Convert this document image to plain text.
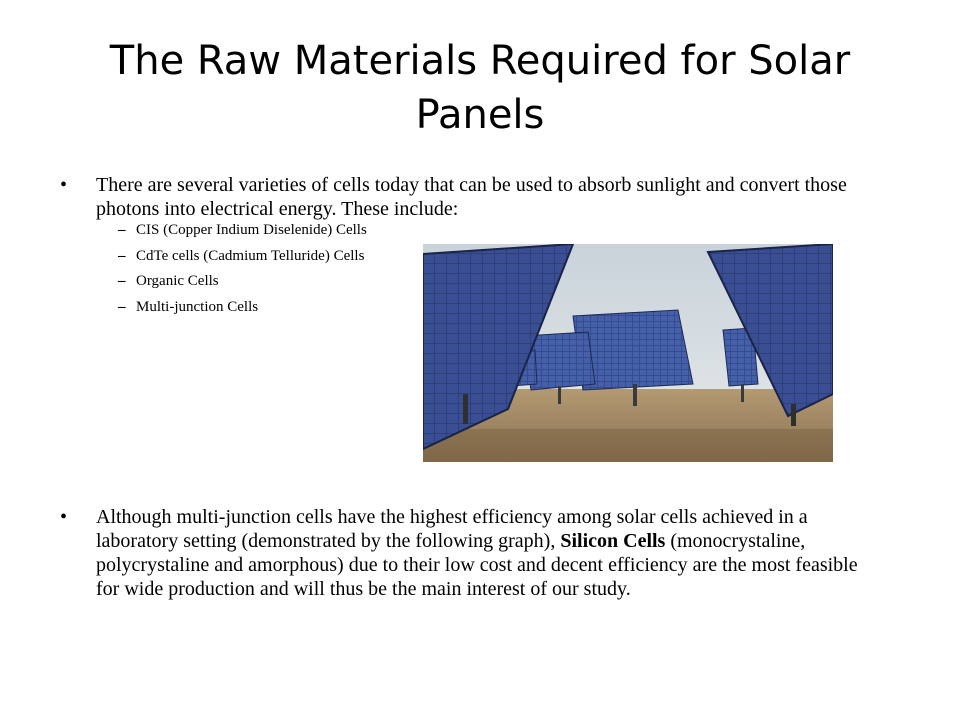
The Raw Materials Required for Solar Panels
• There are several varieties of cells today that can be used to absorb sunlight and convert those photons into electrical energy. These include:
– CIS (Copper Indium Diselenide) Cells
– CdTe cells (Cadmium Telluride) Cells
– Organic Cells
– Multi-junction Cells
• Although multi-junction cells have the highest efficiency among solar cells achieved in a laboratory setting (demonstrated by the following graph), Silicon Cells (monocrystaline, polycrystaline and amorphous) due to their low cost and decent efficiency are the most feasible for wide production and will thus be the main interest of our study.
